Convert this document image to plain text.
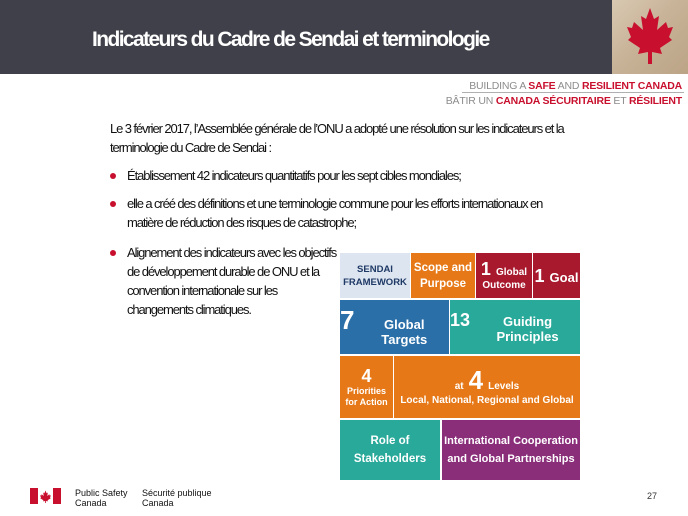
Indicateurs du Cadre de Sendai et terminologie
BUILDING A SAFE AND RESILIENT CANADA
BÂTIR UN CANADA SÉCURITAIRE ET RÉSILIENT
Le 3 février 2017, l’Assemblée générale de l’ONU a adopté une résolution sur les indicateurs et la terminologie du Cadre de Sendai :
Établissement 42 indicateurs quantitatifs pour les sept cibles mondiales;
elle a créé des définitions et une terminologie commune pour les efforts internationaux en matière de réduction des risques de catastrophe;
Alignement des indicateurs avec les objectifs de développement durable de ONU et la convention internationale sur les changements climatiques.
SENDAI
FRAMEWORK
Scope and
Purpose
1 Global
Outcome 1 Goal
7	Global Targets
13	Guiding Principles
4
Priorities
for Action
at 4 Levels
Local, National, Regional and Global
Role of
Stakeholders
International Cooperation
and Global Partnerships
Public Safety
Canada
Sécurité publique
Canada
27
